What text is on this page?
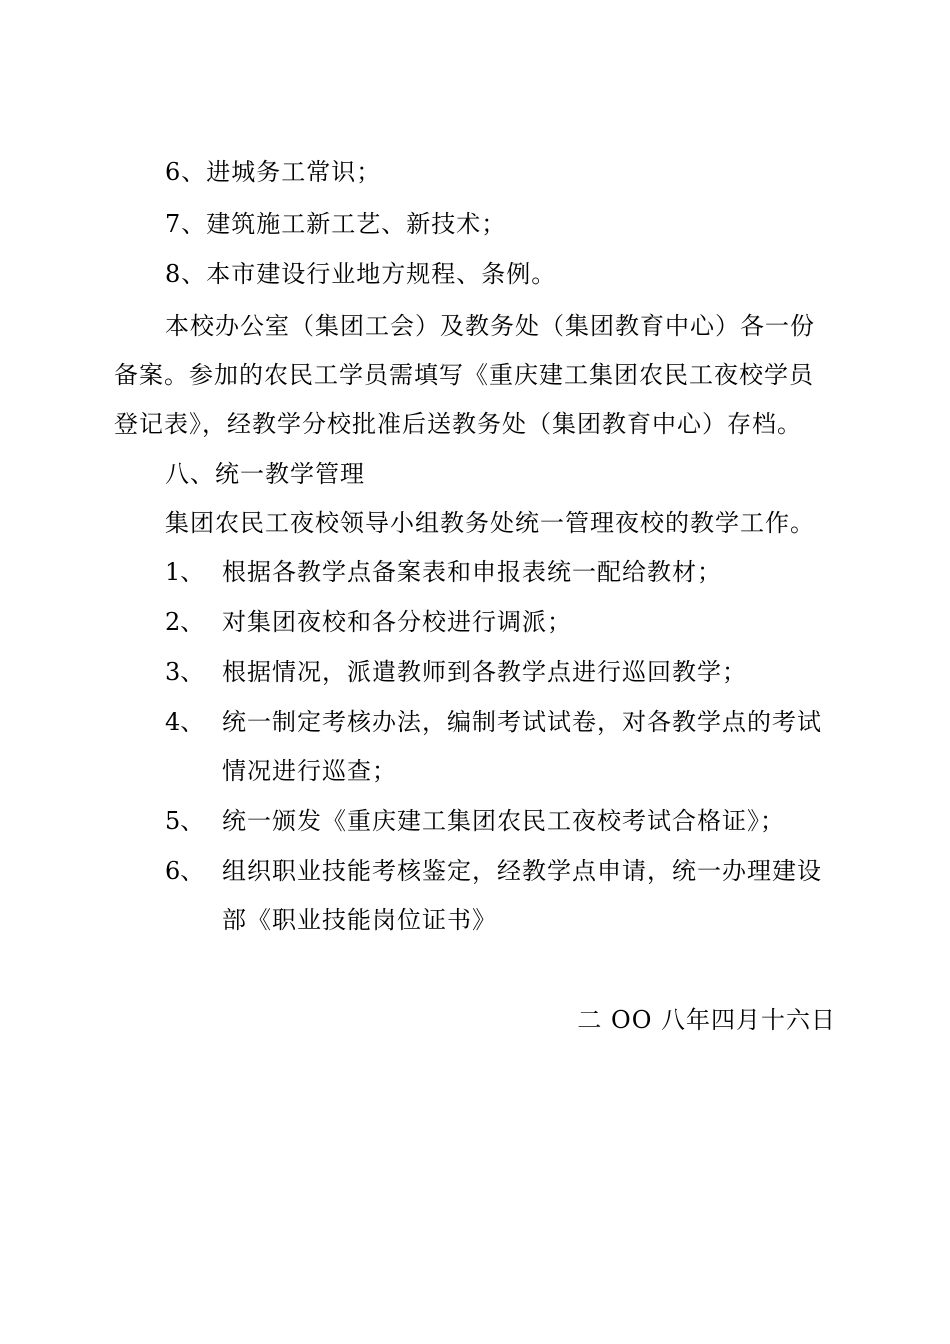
6、进城务工常识；
7、建筑施工新工艺、新技术；
8、本市建设行业地方规程、条例。
本校办公室（集团工会）及教务处（集团教育中心）各一份
备案。参加的农民工学员需填写《重庆建工集团农民工夜校学员
登记表》，经教学分校批准后送教务处（集团教育中心）存档。
八、统一教学管理
集团农民工夜校领导小组教务处统一管理夜校的教学工作。
1、 根据各教学点备案表和申报表统一配给教材；
2、 对集团夜校和各分校进行调派；
3、 根据情况，派遣教师到各教学点进行巡回教学；
4、 统一制定考核办法，编制考试试卷，对各教学点的考试
情况进行巡查；
5、 统一颁发《重庆建工集团农民工夜校考试合格证》；
6、 组织职业技能考核鉴定，经教学点申请，统一办理建设
部《职业技能岗位证书》
二 OO 八年四月十六日
